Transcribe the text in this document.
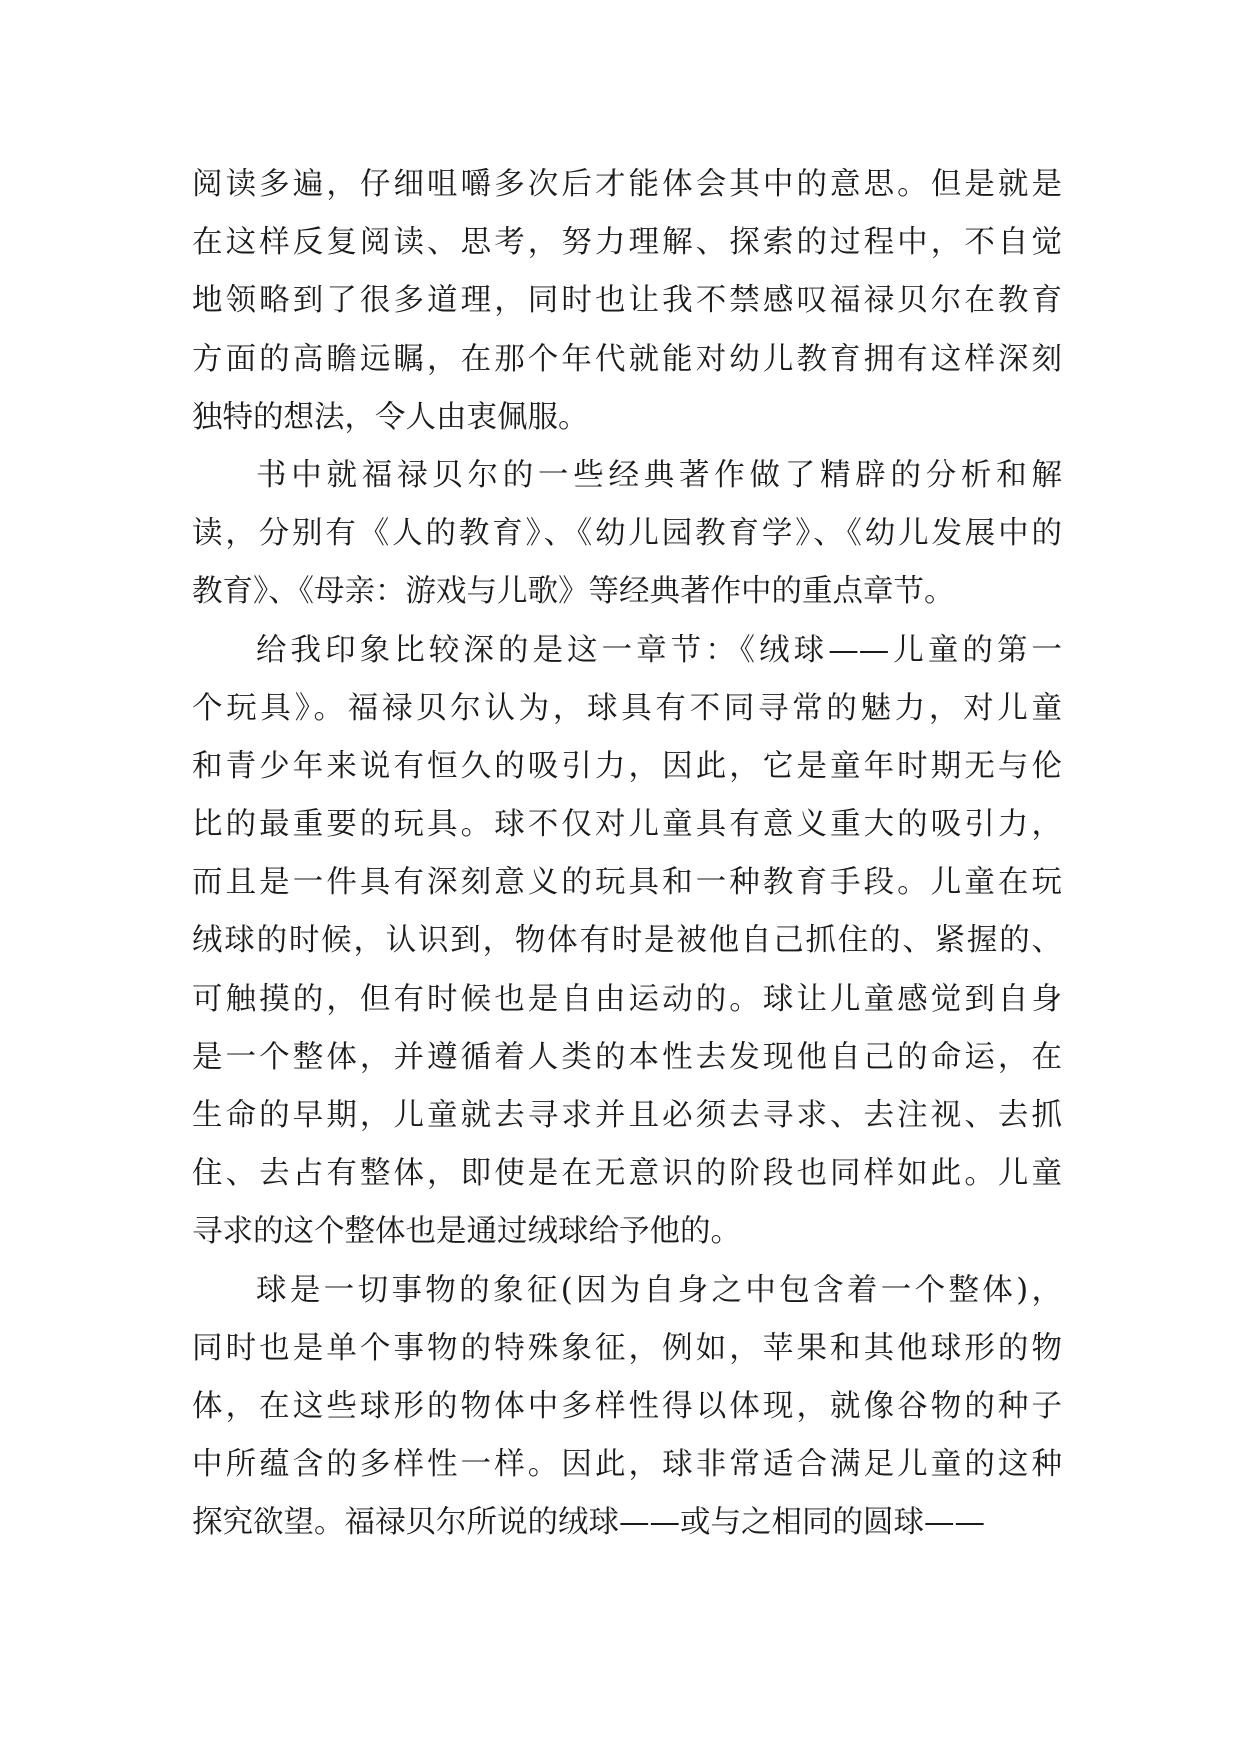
阅读多遍，仔细咀嚼多次后才能体会其中的意思。但是就是
在这样反复阅读、思考，努力理解、探索的过程中，不自觉
地领略到了很多道理，同时也让我不禁感叹福禄贝尔在教育
方面的高瞻远瞩，在那个年代就能对幼儿教育拥有这样深刻
独特的想法，令人由衷佩服。
书中就福禄贝尔的一些经典著作做了精辟的分析和解
读，分别有《人的教育》、《幼儿园教育学》、《幼儿发展中的
教育》、《母亲：游戏与儿歌》等经典著作中的重点章节。
给我印象比较深的是这一章节：《绒球——儿童的第一
个玩具》。福禄贝尔认为，球具有不同寻常的魅力，对儿童
和青少年来说有恒久的吸引力，因此，它是童年时期无与伦
比的最重要的玩具。球不仅对儿童具有意义重大的吸引力，
而且是一件具有深刻意义的玩具和一种教育手段。儿童在玩
绒球的时候，认识到，物体有时是被他自己抓住的、紧握的、
可触摸的，但有时候也是自由运动的。球让儿童感觉到自身
是一个整体，并遵循着人类的本性去发现他自己的命运，在
生命的早期，儿童就去寻求并且必须去寻求、去注视、去抓
住、去占有整体，即使是在无意识的阶段也同样如此。儿童
寻求的这个整体也是通过绒球给予他的。
球是一切事物的象征(因为自身之中包含着一个整体)，
同时也是单个事物的特殊象征，例如，苹果和其他球形的物
体，在这些球形的物体中多样性得以体现，就像谷物的种子
中所蕴含的多样性一样。因此，球非常适合满足儿童的这种
探究欲望。福禄贝尔所说的绒球——或与之相同的圆球——
